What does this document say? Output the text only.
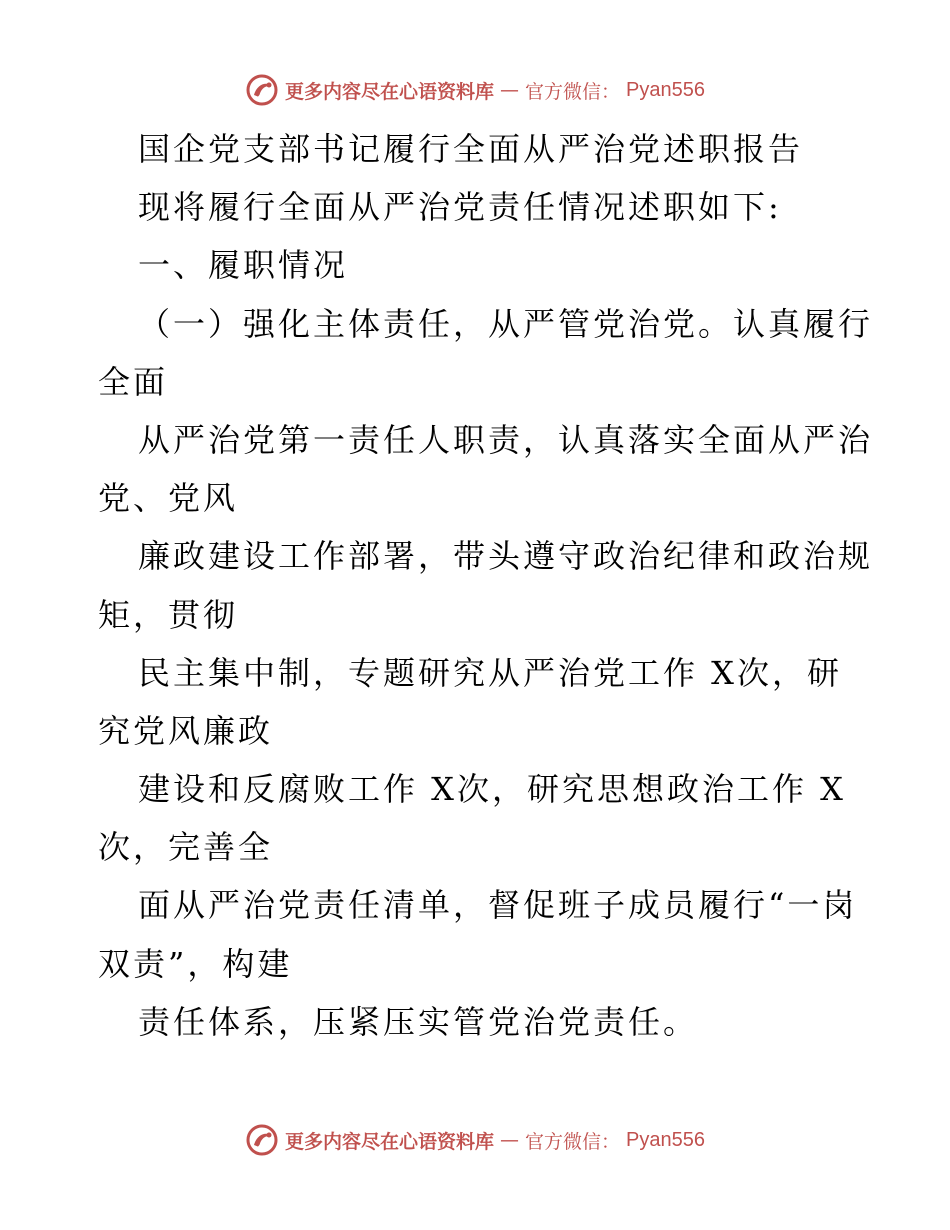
更多内容尽在心语资料库 — 官方微信： Pyan556
国企党支部书记履行全面从严治党述职报告
现将履行全面从严治党责任情况述职如下:
一、履职情况
（一）强化主体责任，从严管党治党。认真履行
全面
从严治党第一责任人职责，认真落实全面从严治
党、党风
廉政建设工作部署，带头遵守政治纪律和政治规
矩，贯彻
民主集中制，专题研究从严治党工作 X次，研
究党风廉政
建设和反腐败工作 X次，研究思想政治工作 X
次，完善全
面从严治党责任清单，督促班子成员履行“一岗
双责”，构建
责任体系，压紧压实管党治党责任。
更多内容尽在心语资料库 — 官方微信： Pyan556
